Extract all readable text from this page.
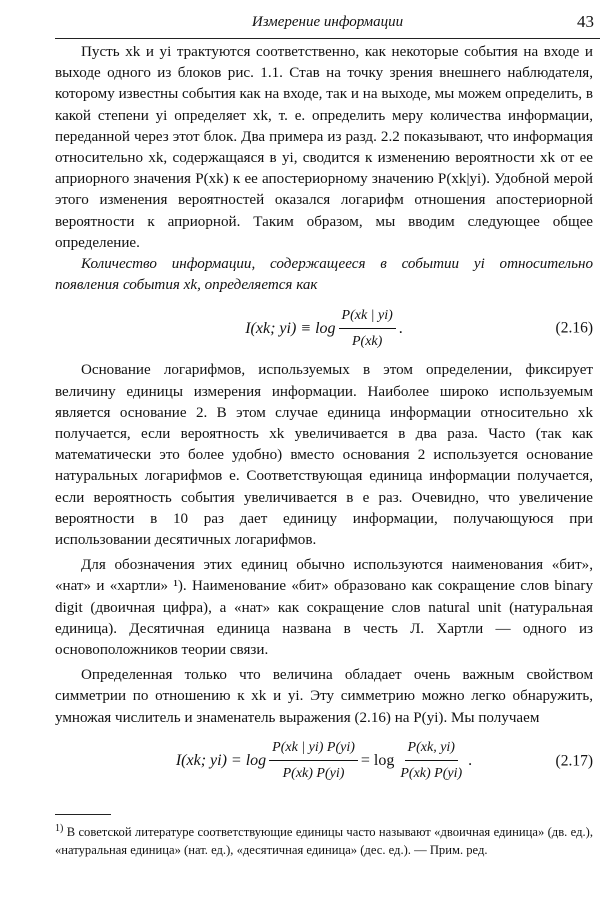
Измерение информации	43

Пусть xk и yi трактуются соответственно, как некоторые события на входе и выходе одного из блоков рис. 1.1. Став на точку зрения внешнего наблюдателя, которому известны события как на входе, так и на выходе, мы можем определить, в какой степени yi определяет xk, т. е. определить меру количества информации, переданной через этот блок. Два примера из разд. 2.2 показывают, что информация относительно xk, содержащаяся в yi, сводится к изменению вероятности xk от ее априорного значения P(xk) к ее апостериорному значению P(xk|yi). Удобной мерой этого изменения вероятностей оказался логарифм отношения апостериорной вероятности к априорной. Таким образом, мы вводим следующее общее определение.

Количество информации, содержащееся в событии yi относительно появления события xk, определяется как

I(xk; $yi) \equiv \log \frac{P(xk | yi)}{P(xk)}$ .	(2.16)

Основание логарифмов, используемых в этом определении, фиксирует величину единицы измерения информации. Наиболее широко используемым является основание 2. В этом случае единица информации относительно xk получается, если вероятность xk увеличивается в два раза. Часто (так как математически это более удобно) вместо основания 2 используется основание натуральных логарифмов e. Соответствующая единица информации получается, если вероятность события увеличивается в e раз. Очевидно, что увеличение вероятности в 10 раз дает единицу информации, получающуюся при использовании десятичных логарифмов.

Для обозначения этих единиц обычно используются наименования «бит», «нат» и «хартли» ¹). Наименование «бит» образовано как сокращение слов binary digit (двоичная цифра), а «нат» как сокращение слов natural unit (натуральная единица). Десятичная единица названа в честь Л. Хартли — одного из основоположников теории связи.

Определенная только что величина обладает очень важным свойством симметрии по отношению к xk и yi. Эту симметрию можно легко обнаружить, умножая числитель и знаменатель выражения (2.16) на P(yi). Мы получаем

I(xk; $yi) = \log \frac{P(xk | yi) P(yi)}{P(xk) P(yi)} = \log \frac{P(xk, yi)}{P(xk) P(yi)}$ .	(2.17)
$^{1)}$ В советской литературе соответствующие единицы часто называют «двоичная единица» (дв. ед.), «натуральная единица» (нат. ед.), «десятичная единица» (дес. ед.). — Прим. ред.
